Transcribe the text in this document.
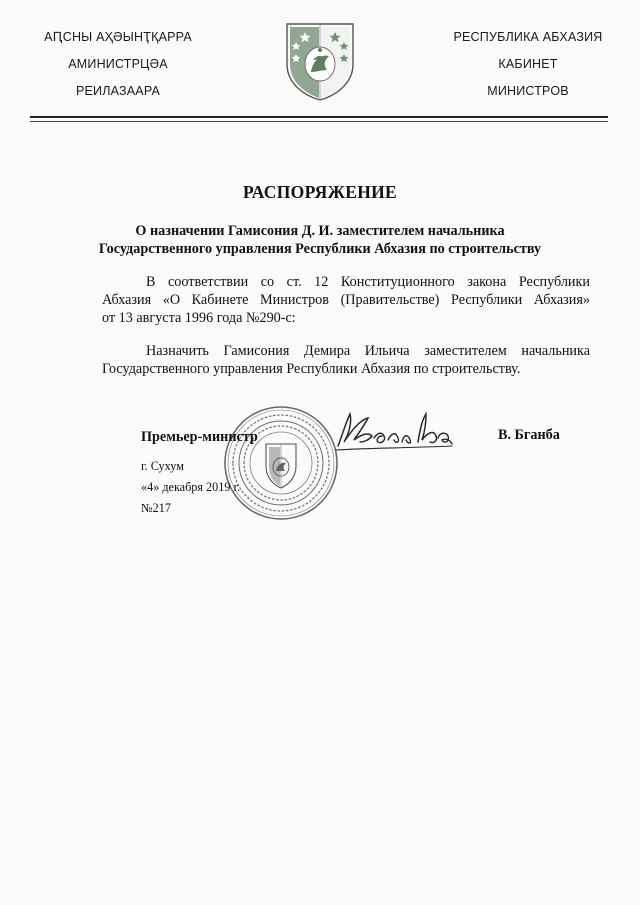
АԤСНЫ АҲӘЫНҬҚАРРА
АМИНИСТРЦӘА
РЕИЛАЗААРА
РЕСПУБЛИКА АБХАЗИЯ
КАБИНЕТ
МИНИСТРОВ
РАСПОРЯЖЕНИЕ
О назначении Гамисония Д. И. заместителем начальника
Государственного управления Республики Абхазия по строительству
В соответствии со ст. 12 Конституционного закона Республики
Абхазия «О Кабинете Министров (Правительстве) Республики Абхазия»
от 13 августа 1996 года №290-с:
Назначить Гамисония Демира Ильича заместителем начальника
Государственного управления Республики Абхазия по строительству.
Премьер-министр	В. Бганба
г. Сухум
«4» декабря 2019 г.
№217
